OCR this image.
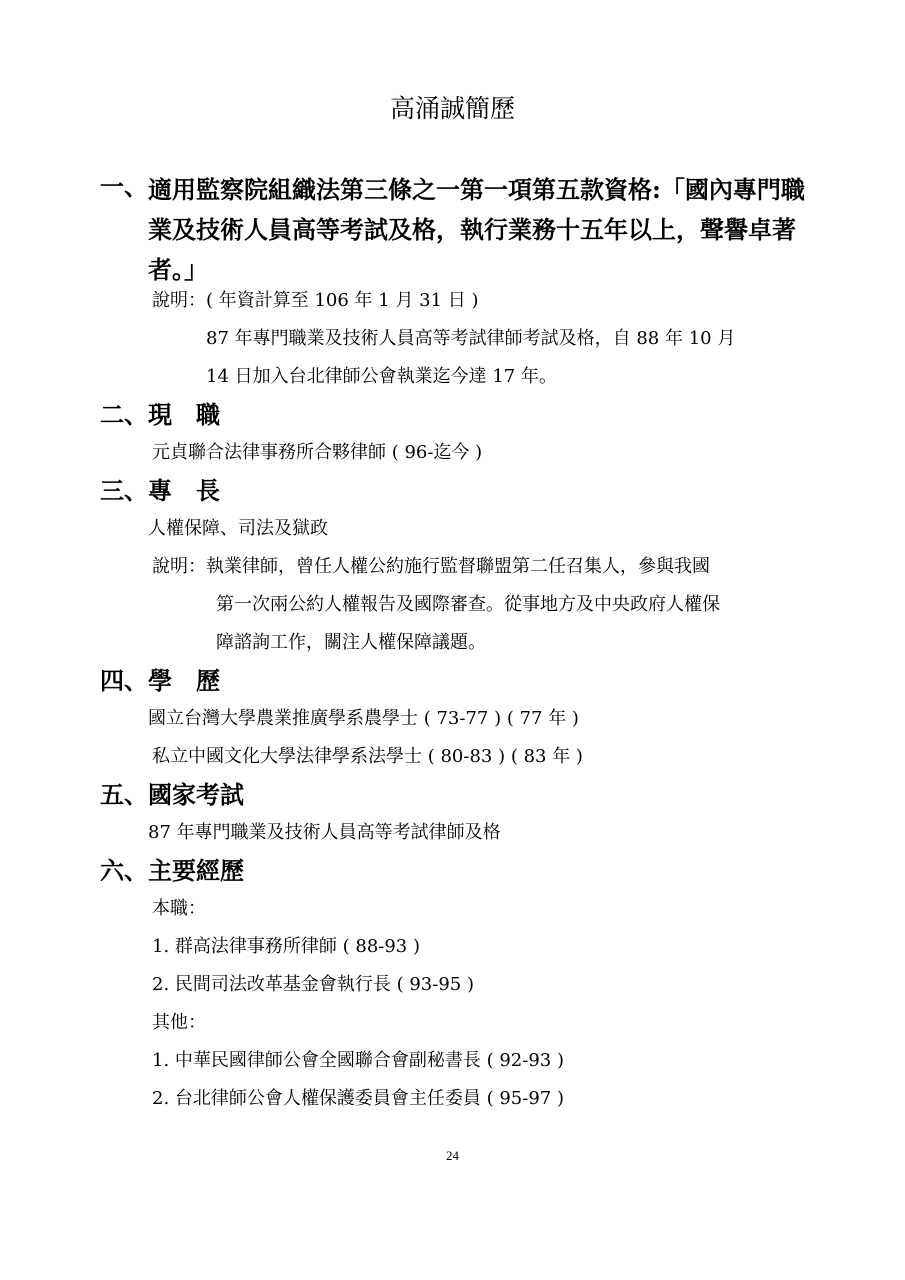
高涌誠簡歷
一、 適用監察院組織法第三條之一第一項第五款資格:「國內專門職
業及技術人員高等考試及格，執行業務十五年以上，聲譽卓著
者。」
說明：( 年資計算至 106 年 1 月 31 日 )
87 年專門職業及技術人員高等考試律師考試及格，自 88 年 10 月
14 日加入台北律師公會執業迄今達 17 年。
二、 現　職
元貞聯合法律事務所合夥律師 ( 96-迄今 )
三、 專　長
人權保障、司法及獄政
說明：執業律師，曾任人權公約施行監督聯盟第二任召集人，參與我國
第一次兩公約人權報告及國際審查。從事地方及中央政府人權保
障諮詢工作，關注人權保障議題。
四、 學　歷
國立台灣大學農業推廣學系農學士 ( 73-77 ) ( 77 年 )
私立中國文化大學法律學系法學士 ( 80-83 ) ( 83 年 )
五、 國家考試
87 年專門職業及技術人員高等考試律師及格
六、 主要經歷
本職：
1. 群高法律事務所律師 ( 88-93 )
2. 民間司法改革基金會執行長 ( 93-95 )
其他：
1. 中華民國律師公會全國聯合會副秘書長 ( 92-93 )
2. 台北律師公會人權保護委員會主任委員 ( 95-97 )
24
